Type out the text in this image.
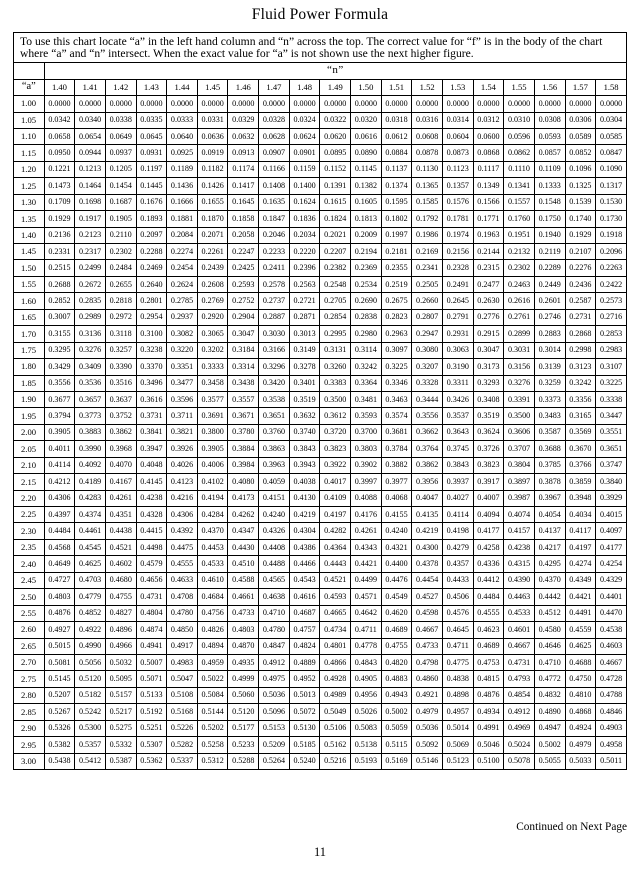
Fluid Power Formula
To use this chart locate “a” in the left hand column and “n” across the top. The correct value for “f” is in the body of the chart where “a” and “n” intersect. When the exact value for “a” is not shown use the next higher figure.																			
	“n”																		
“a”	1.40	1.41	1.42	1.43	1.44	1.45	1.46	1.47	1.48	1.49	1.50	1.51	1.52	1.53	1.54	1.55	1.56	1.57	1.58
1.00	0.0000	0.0000	0.0000	0.0000	0.0000	0.0000	0.0000	0.0000	0.0000	0.0000	0.0000	0.0000	0.0000	0.0000	0.0000	0.0000	0.0000	0.0000	0.0000
1.05	0.0342	0.0340	0.0338	0.0335	0.0333	0.0331	0.0329	0.0328	0.0324	0.0322	0.0320	0.0318	0.0316	0.0314	0.0312	0.0310	0.0308	0.0306	0.0304
1.10	0.0658	0.0654	0.0649	0.0645	0.0640	0.0636	0.0632	0.0628	0.0624	0.0620	0.0616	0.0612	0.0608	0.0604	0.0600	0.0596	0.0593	0.0589	0.0585
1.15	0.0950	0.0944	0.0937	0.0931	0.0925	0.0919	0.0913	0.0907	0.0901	0.0895	0.0890	0.0884	0.0878	0.0873	0.0868	0.0862	0.0857	0.0852	0.0847
1.20	0.1221	0.1213	0.1205	0.1197	0.1189	0.1182	0.1174	0.1166	0.1159	0.1152	0.1145	0.1137	0.1130	0.1123	0.1117	0.1110	0.1109	0.1096	0.1090
1.25	0.1473	0.1464	0.1454	0.1445	0.1436	0.1426	0.1417	0.1408	0.1400	0.1391	0.1382	0.1374	0.1365	0.1357	0.1349	0.1341	0.1333	0.1325	0.1317
1.30	0.1709	0.1698	0.1687	0.1676	0.1666	0.1655	0.1645	0.1635	0.1624	0.1615	0.1605	0.1595	0.1585	0.1576	0.1566	0.1557	0.1548	0.1539	0.1530
1.35	0.1929	0.1917	0.1905	0.1893	0.1881	0.1870	0.1858	0.1847	0.1836	0.1824	0.1813	0.1802	0.1792	0.1781	0.1771	0.1760	0.1750	0.1740	0.1730
1.40	0.2136	0.2123	0.2110	0.2097	0.2084	0.2071	0.2058	0.2046	0.2034	0.2021	0.2009	0.1997	0.1986	0.1974	0.1963	0.1951	0.1940	0.1929	0.1918
1.45	0.2331	0.2317	0.2302	0.2288	0.2274	0.2261	0.2247	0.2233	0.2220	0.2207	0.2194	0.2181	0.2169	0.2156	0.2144	0.2132	0.2119	0.2107	0.2096
1.50	0.2515	0.2499	0.2484	0.2469	0.2454	0.2439	0.2425	0.2411	0.2396	0.2382	0.2369	0.2355	0.2341	0.2328	0.2315	0.2302	0.2289	0.2276	0.2263
1.55	0.2688	0.2672	0.2655	0.2640	0.2624	0.2608	0.2593	0.2578	0.2563	0.2548	0.2534	0.2519	0.2505	0.2491	0.2477	0.2463	0.2449	0.2436	0.2422
1.60	0.2852	0.2835	0.2818	0.2801	0.2785	0.2769	0.2752	0.2737	0.2721	0.2705	0.2690	0.2675	0.2660	0.2645	0.2630	0.2616	0.2601	0.2587	0.2573
1.65	0.3007	0.2989	0.2972	0.2954	0.2937	0.2920	0.2904	0.2887	0.2871	0.2854	0.2838	0.2823	0.2807	0.2791	0.2776	0.2761	0.2746	0.2731	0.2716
1.70	0.3155	0.3136	0.3118	0.3100	0.3082	0.3065	0.3047	0.3030	0.3013	0.2995	0.2980	0.2963	0.2947	0.2931	0.2915	0.2899	0.2883	0.2868	0.2853
1.75	0.3295	0.3276	0.3257	0.3238	0.3220	0.3202	0.3184	0.3166	0.3149	0.3131	0.3114	0.3097	0.3080	0.3063	0.3047	0.3031	0.3014	0.2998	0.2983
1.80	0.3429	0.3409	0.3390	0.3370	0.3351	0.3333	0.3314	0.3296	0.3278	0.3260	0.3242	0.3225	0.3207	0.3190	0.3173	0.3156	0.3139	0.3123	0.3107
1.85	0.3556	0.3536	0.3516	0.3496	0.3477	0.3458	0.3438	0.3420	0.3401	0.3383	0.3364	0.3346	0.3328	0.3311	0.3293	0.3276	0.3259	0.3242	0.3225
1.90	0.3677	0.3657	0.3637	0.3616	0.3596	0.3577	0.3557	0.3538	0.3519	0.3500	0.3481	0.3463	0.3444	0.3426	0.3408	0.3391	0.3373	0.3356	0.3338
1.95	0.3794	0.3773	0.3752	0.3731	0.3711	0.3691	0.3671	0.3651	0.3632	0.3612	0.3593	0.3574	0.3556	0.3537	0.3519	0.3500	0.3483	0.3165	0.3447
2.00	0.3905	0.3883	0.3862	0.3841	0.3821	0.3800	0.3780	0.3760	0.3740	0.3720	0.3700	0.3681	0.3662	0.3643	0.3624	0.3606	0.3587	0.3569	0.3551
2.05	0.4011	0.3990	0.3968	0.3947	0.3926	0.3905	0.3884	0.3863	0.3843	0.3823	0.3803	0.3784	0.3764	0.3745	0.3726	0.3707	0.3688	0.3670	0.3651
2.10	0.4114	0.4092	0.4070	0.4048	0.4026	0.4006	0.3984	0.3963	0.3943	0.3922	0.3902	0.3882	0.3862	0.3843	0.3823	0.3804	0.3785	0.3766	0.3747
2.15	0.4212	0.4189	0.4167	0.4145	0.4123	0.4102	0.4080	0.4059	0.4038	0.4017	0.3997	0.3977	0.3956	0.3937	0.3917	0.3897	0.3878	0.3859	0.3840
2.20	0.4306	0.4283	0.4261	0.4238	0.4216	0.4194	0.4173	0.4151	0.4130	0.4109	0.4088	0.4068	0.4047	0.4027	0.4007	0.3987	0.3967	0.3948	0.3929
2.25	0.4397	0.4374	0.4351	0.4328	0.4306	0.4284	0.4262	0.4240	0.4219	0.4197	0.4176	0.4155	0.4135	0.4114	0.4094	0.4074	0.4054	0.4034	0.4015
2.30	0.4484	0.4461	0.4438	0.4415	0.4392	0.4370	0.4347	0.4326	0.4304	0.4282	0.4261	0.4240	0.4219	0.4198	0.4177	0.4157	0.4137	0.4117	0.4097
2.35	0.4568	0.4545	0.4521	0.4498	0.4475	0.4453	0.4430	0.4408	0.4386	0.4364	0.4343	0.4321	0.4300	0.4279	0.4258	0.4238	0.4217	0.4197	0.4177
2.40	0.4649	0.4625	0.4602	0.4579	0.4555	0.4533	0.4510	0.4488	0.4466	0.4443	0.4421	0.4400	0.4378	0.4357	0.4336	0.4315	0.4295	0.4274	0.4254
2.45	0.4727	0.4703	0.4680	0.4656	0.4633	0.4610	0.4588	0.4565	0.4543	0.4521	0.4499	0.4476	0.4454	0.4433	0.4412	0.4390	0.4370	0.4349	0.4329
2.50	0.4803	0.4779	0.4755	0.4731	0.4708	0.4684	0.4661	0.4638	0.4616	0.4593	0.4571	0.4549	0.4527	0.4506	0.4484	0.4463	0.4442	0.4421	0.4401
2.55	0.4876	0.4852	0.4827	0.4804	0.4780	0.4756	0.4733	0.4710	0.4687	0.4665	0.4642	0.4620	0.4598	0.4576	0.4555	0.4533	0.4512	0.4491	0.4470
2.60	0.4927	0.4922	0.4896	0.4874	0.4850	0.4826	0.4803	0.4780	0.4757	0.4734	0.4711	0.4689	0.4667	0.4645	0.4623	0.4601	0.4580	0.4559	0.4538
2.65	0.5015	0.4990	0.4966	0.4941	0.4917	0.4894	0.4870	0.4847	0.4824	0.4801	0.4778	0.4755	0.4733	0.4711	0.4689	0.4667	0.4646	0.4625	0.4603
2.70	0.5081	0.5056	0.5032	0.5007	0.4983	0.4959	0.4935	0.4912	0.4889	0.4866	0.4843	0.4820	0.4798	0.4775	0.4753	0.4731	0.4710	0.4688	0.4667
2.75	0.5145	0.5120	0.5095	0.5071	0.5047	0.5022	0.4999	0.4975	0.4952	0.4928	0.4905	0.4883	0.4860	0.4838	0.4815	0.4793	0.4772	0.4750	0.4728
2.80	0.5207	0.5182	0.5157	0.5133	0.5108	0.5084	0.5060	0.5036	0.5013	0.4989	0.4956	0.4943	0.4921	0.4898	0.4876	0.4854	0.4832	0.4810	0.4788
2.85	0.5267	0.5242	0.5217	0.5192	0.5168	0.5144	0.5120	0.5096	0.5072	0.5049	0.5026	0.5002	0.4979	0.4957	0.4934	0.4912	0.4890	0.4868	0.4846
2.90	0.5326	0.5300	0.5275	0.5251	0.5226	0.5202	0.5177	0.5153	0.5130	0.5106	0.5083	0.5059	0.5036	0.5014	0.4991	0.4969	0.4947	0.4924	0.4903
2.95	0.5382	0.5357	0.5332	0.5307	0.5282	0.5258	0.5233	0.5209	0.5185	0.5162	0.5138	0.5115	0.5092	0.5069	0.5046	0.5024	0.5002	0.4979	0.4958
3.00	0.5438	0.5412	0.5387	0.5362	0.5337	0.5312	0.5288	0.5264	0.5240	0.5216	0.5193	0.5169	0.5146	0.5123	0.5100	0.5078	0.5055	0.5033	0.5011
Continued on Next Page
11
